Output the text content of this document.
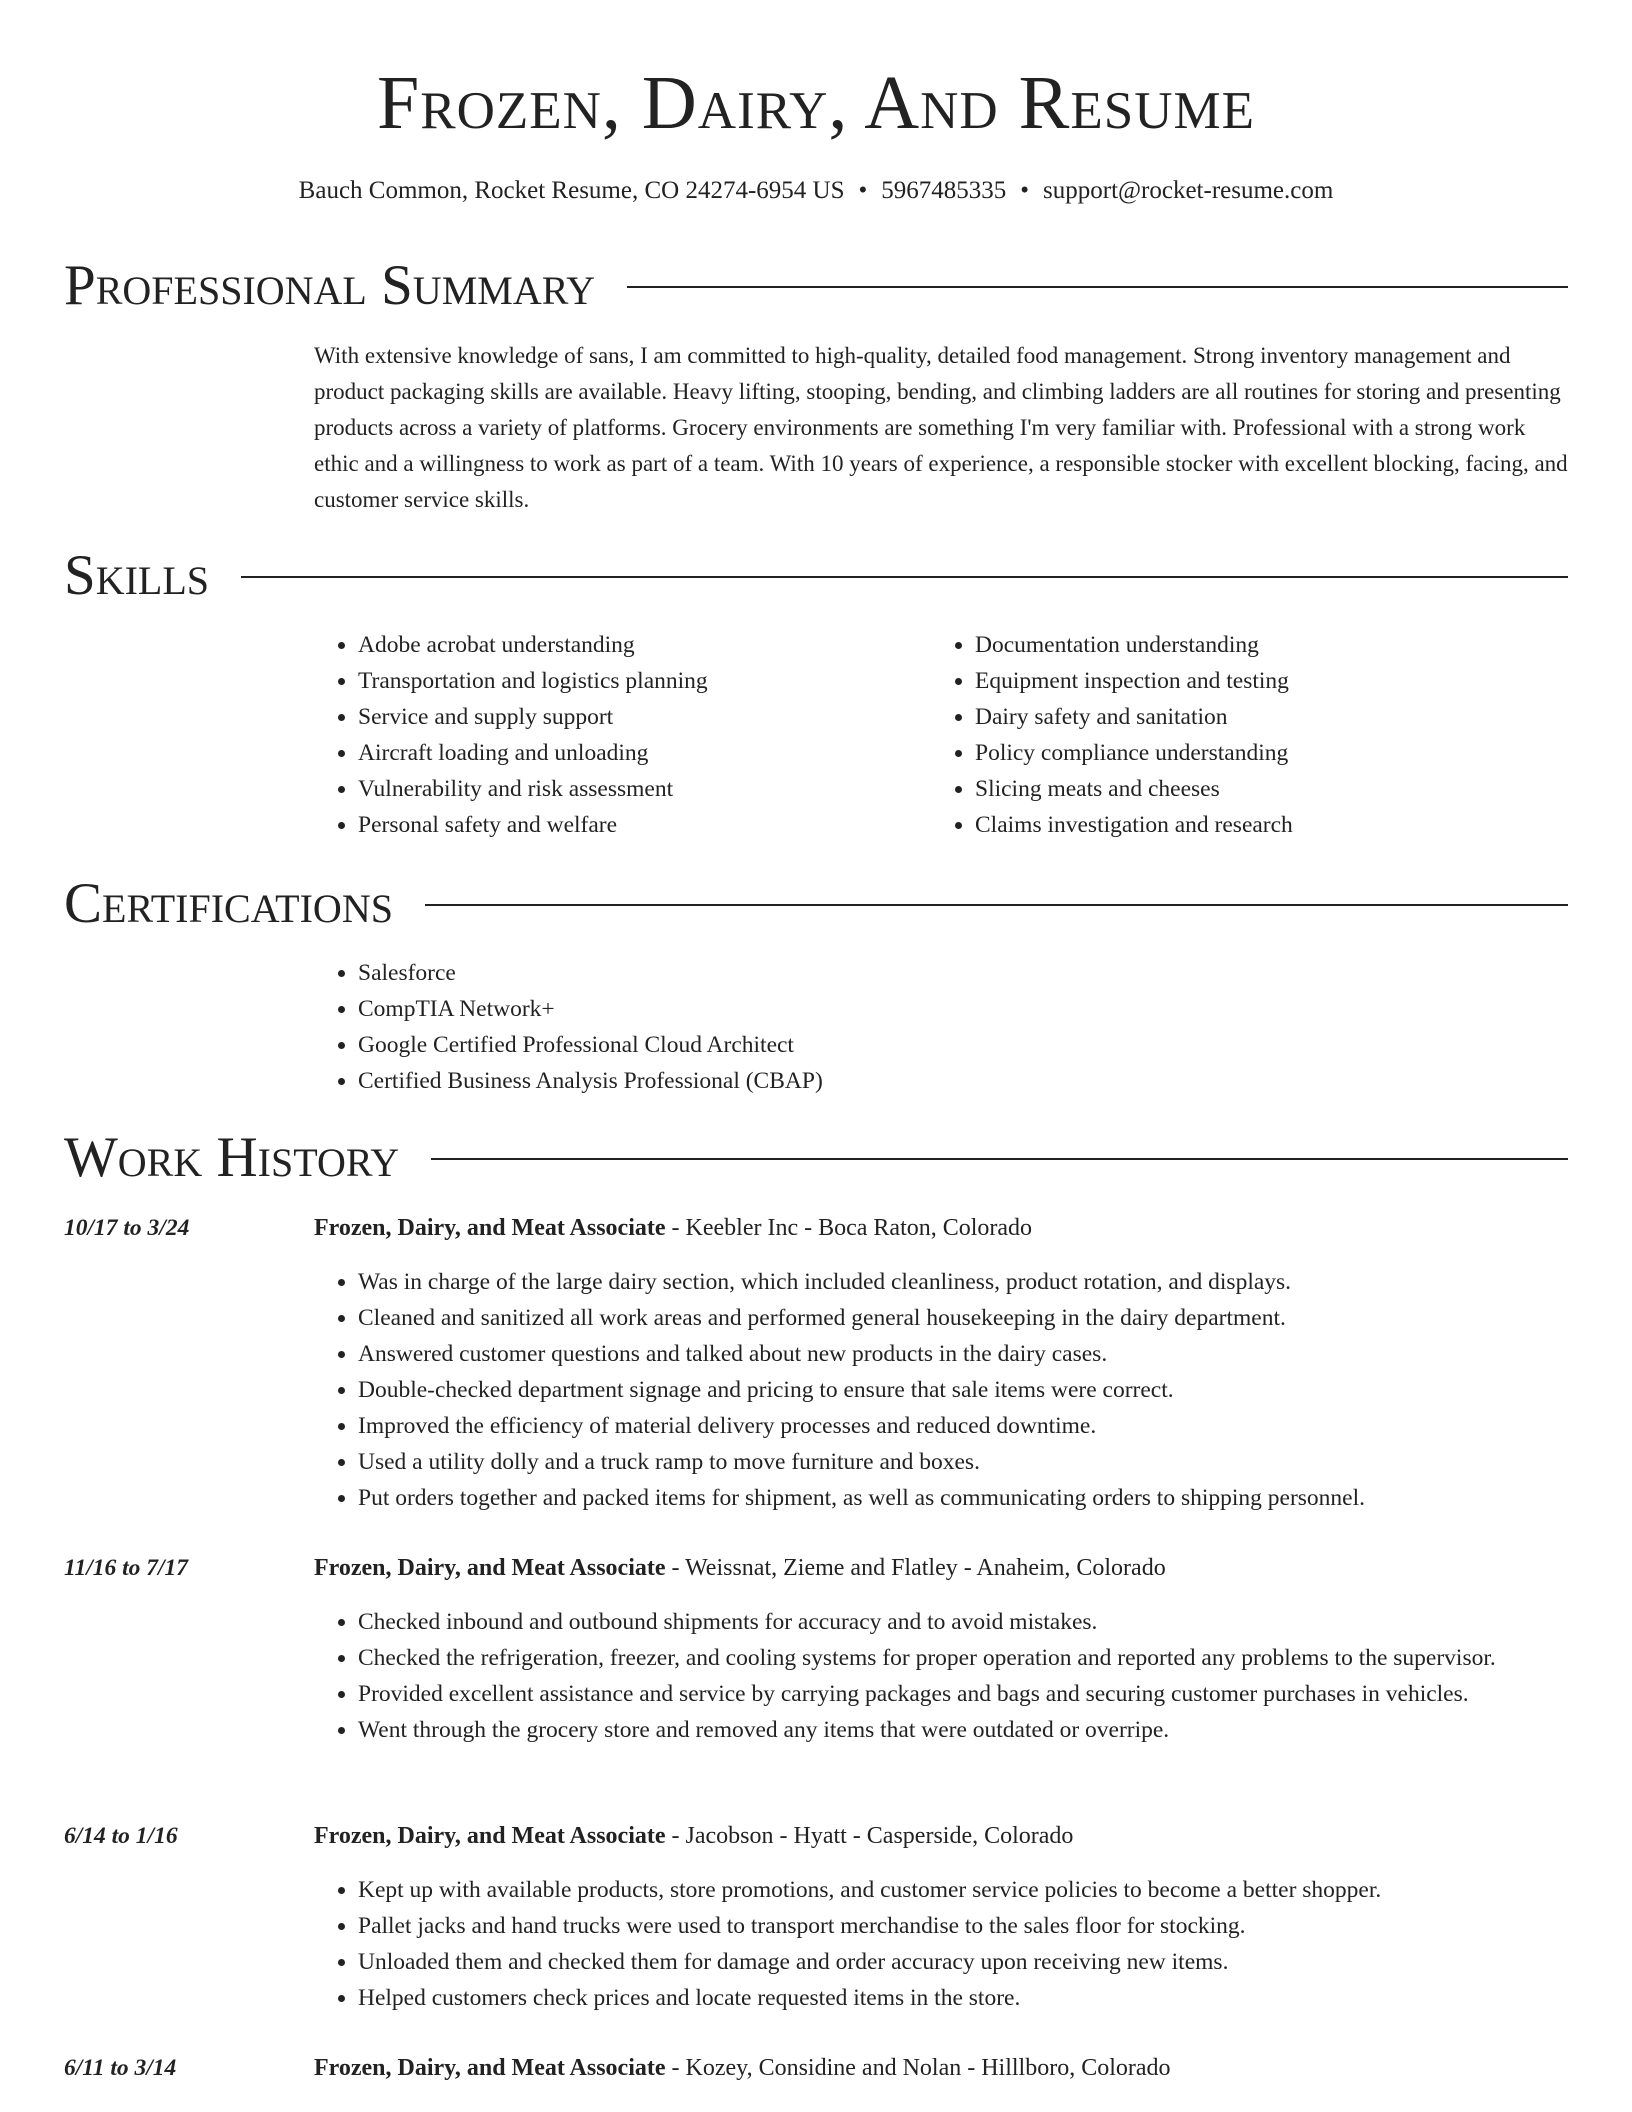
Frozen, Dairy, And Resume
Bauch Common, Rocket Resume, CO 24274-6954 US • 5967485335 • support@rocket-resume.com
Professional Summary

With extensive knowledge of sans, I am committed to high-quality, detailed food management. Strong inventory management and product packaging skills are available. Heavy lifting, stooping, bending, and climbing ladders are all routines for storing and presenting products across a variety of platforms. Grocery environments are something I'm very familiar with. Professional with a strong work ethic and a willingness to work as part of a team. With 10 years of experience, a responsible stocker with excellent blocking, facing, and customer service skills.

Skills
• Adobe acrobat understanding
• Transportation and logistics planning
• Service and supply support
• Aircraft loading and unloading
• Vulnerability and risk assessment
• Personal safety and welfare
• Documentation understanding
• Equipment inspection and testing
• Dairy safety and sanitation
• Policy compliance understanding
• Slicing meats and cheeses
• Claims investigation and research
Certifications
• Salesforce
• CompTIA Network+
• Google Certified Professional Cloud Architect
• Certified Business Analysis Professional (CBAP)
Work History
10/17 to 3/24	Frozen, Dairy, and Meat Associate - Keebler Inc - Boca Raton, Colorado
• Was in charge of the large dairy section, which included cleanliness, product rotation, and displays.
• Cleaned and sanitized all work areas and performed general housekeeping in the dairy department.
• Answered customer questions and talked about new products in the dairy cases.
• Double-checked department signage and pricing to ensure that sale items were correct.
• Improved the efficiency of material delivery processes and reduced downtime.
• Used a utility dolly and a truck ramp to move furniture and boxes.
• Put orders together and packed items for shipment, as well as communicating orders to shipping personnel.
11/16 to 7/17	Frozen, Dairy, and Meat Associate - Weissnat, Zieme and Flatley - Anaheim, Colorado
• Checked inbound and outbound shipments for accuracy and to avoid mistakes.
• Checked the refrigeration, freezer, and cooling systems for proper operation and reported any problems to the supervisor.
• Provided excellent assistance and service by carrying packages and bags and securing customer purchases in vehicles.
• Went through the grocery store and removed any items that were outdated or overripe.
6/14 to 1/16	Frozen, Dairy, and Meat Associate - Jacobson - Hyatt - Casperside, Colorado
• Kept up with available products, store promotions, and customer service policies to become a better shopper.
• Pallet jacks and hand trucks were used to transport merchandise to the sales floor for stocking.
• Unloaded them and checked them for damage and order accuracy upon receiving new items.
• Helped customers check prices and locate requested items in the store.
6/11 to 3/14	Frozen, Dairy, and Meat Associate - Kozey, Considine and Nolan - Hilllboro, Colorado
